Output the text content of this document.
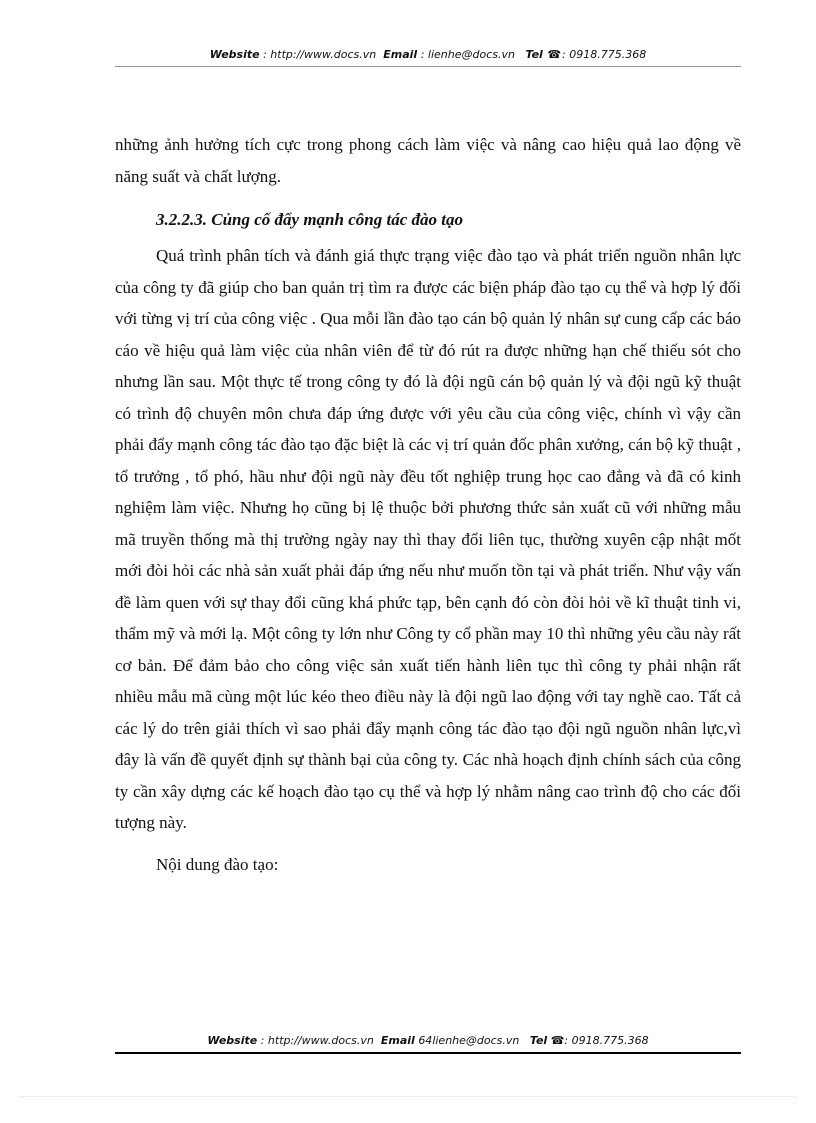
Website : http://www.docs.vn Email : lienhe@docs.vn Tel ☎: 0918.775.368

những ảnh hưởng tích cực trong phong cách làm việc và nâng cao hiệu quả lao động về năng suất và chất lượng.

3.2.2.3. Củng cố đẩy mạnh công tác đào tạo

Quá trình phân tích và đánh giá thực trạng việc đào tạo và phát triển nguồn nhân lực của công ty đã giúp cho ban quản trị tìm ra được các biện pháp đào tạo cụ thể và hợp lý đối với từng vị trí của công việc . Qua mỗi lần đào tạo cán bộ quản lý nhân sự cung cấp các báo cáo về hiệu quả làm việc của nhân viên để từ đó rút ra được những hạn chế thiếu sót cho nhưng lần sau. Một thực tế trong công ty đó là đội ngũ cán bộ quản lý và đội ngũ kỹ thuật có trình độ chuyên môn chưa đáp ứng được với yêu cầu của công việc, chính vì vậy cần phải đẩy mạnh công tác đào tạo đặc biệt là các vị trí quản đốc phân xưởng, cán bộ kỹ thuật , tổ trưởng , tổ phó, hầu như đội ngũ này đều tốt nghiệp trung học cao đẳng và đã có kinh nghiệm làm việc. Nhưng họ cũng bị lệ thuộc bởi phương thức sản xuất cũ với những mẫu mã truyền thống mà thị trường ngày nay thì thay đổi liên tục, thường xuyên cập nhật mốt mới đòi hỏi các nhà sản xuất phải đáp ứng nếu như muốn tồn tại và phát triển. Như vậy vấn đề làm quen với sự thay đổi cũng khá phức tạp, bên cạnh đó còn đòi hỏi về kĩ thuật tinh vi, thẩm mỹ và mới lạ. Một công ty lớn như Công ty cổ phần may 10 thì những yêu cầu này rất cơ bản. Để đảm bảo cho công việc sản xuất tiến hành liên tục thì công ty phải nhận rất nhiều mẫu mã cùng một lúc kéo theo điều này là đội ngũ lao động với tay nghề cao. Tất cả các lý do trên giải thích vì sao phải đẩy mạnh công tác đào tạo đội ngũ nguồn nhân lực,vì đây là vấn đề quyết định sự thành bại của công ty. Các nhà hoạch định chính sách của công ty cần xây dựng các kế hoạch đào tạo cụ thể và hợp lý nhằm nâng cao trình độ cho các đối tượng này.

Nội dung đào tạo:

Website : http://www.docs.vn Email 64lienhe@docs.vn Tel ☎: 0918.775.368
